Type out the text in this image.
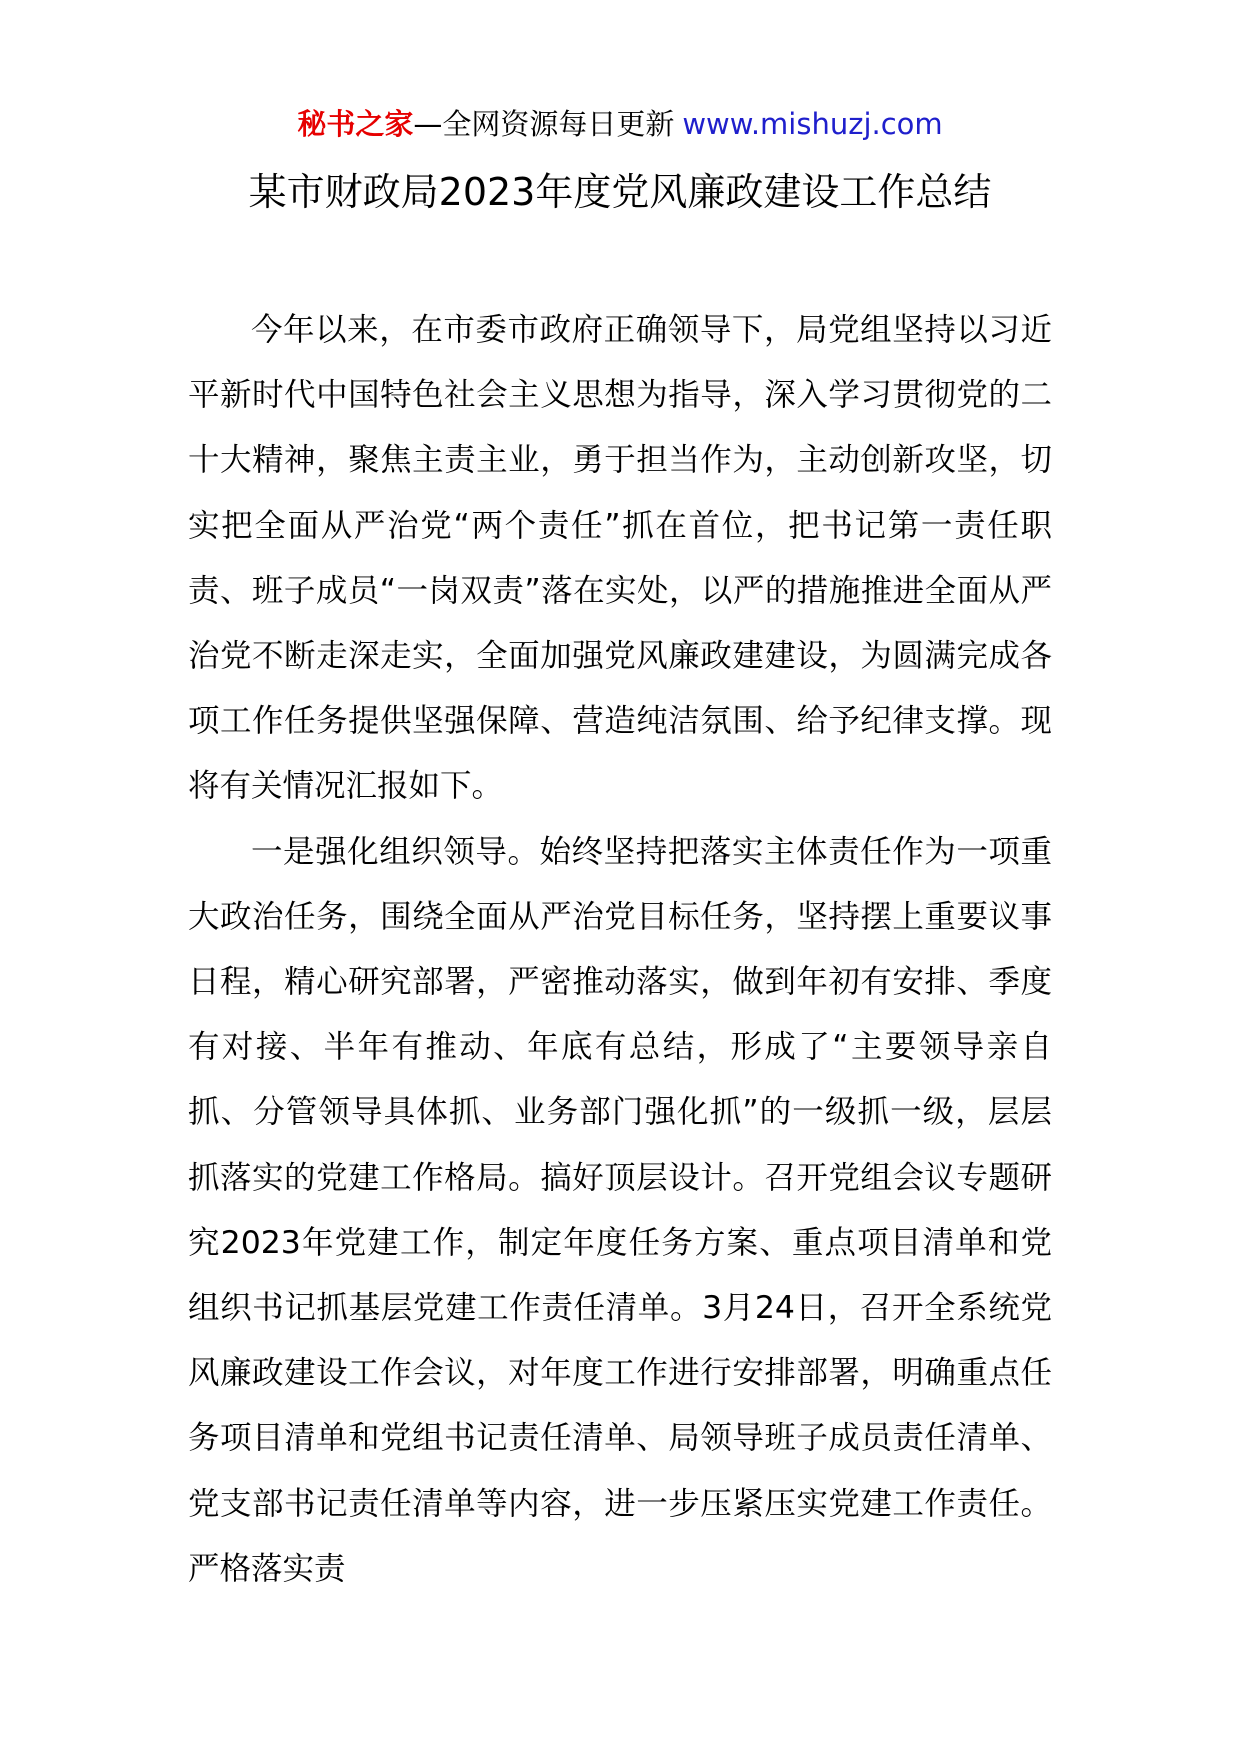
秘书之家—全网资源每日更新 www.mishuzj.com
某市财政局2023年度党风廉政建设工作总结

今年以来，在市委市政府正确领导下，局党组坚持以习近平新时代中国特色社会主义思想为指导，深入学习贯彻党的二十大精神，聚焦主责主业，勇于担当作为，主动创新攻坚，切实把全面从严治党“两个责任”抓在首位，把书记第一责任职责、班子成员“一岗双责”落在实处，以严的措施推进全面从严治党不断走深走实，全面加强党风廉政建建设，为圆满完成各项工作任务提供坚强保障、营造纯洁氛围、给予纪律支撑。现将有关情况汇报如下。

一是强化组织领导。始终坚持把落实主体责任作为一项重大政治任务，围绕全面从严治党目标任务，坚持摆上重要议事日程，精心研究部署，严密推动落实，做到年初有安排、季度有对接、半年有推动、年底有总结，形成了“主要领导亲自抓、分管领导具体抓、业务部门强化抓”的一级抓一级，层层抓落实的党建工作格局。搞好顶层设计。召开党组会议专题研究2023年党建工作，制定年度任务方案、重点项目清单和党组织书记抓基层党建工作责任清单。3月24日，召开全系统党风廉政建设工作会议，对年度工作进行安排部署，明确重点任务项目清单和党组书记责任清单、局领导班子成员责任清单、党支部书记责任清单等内容，进一步压紧压实党建工作责任。严格落实责
